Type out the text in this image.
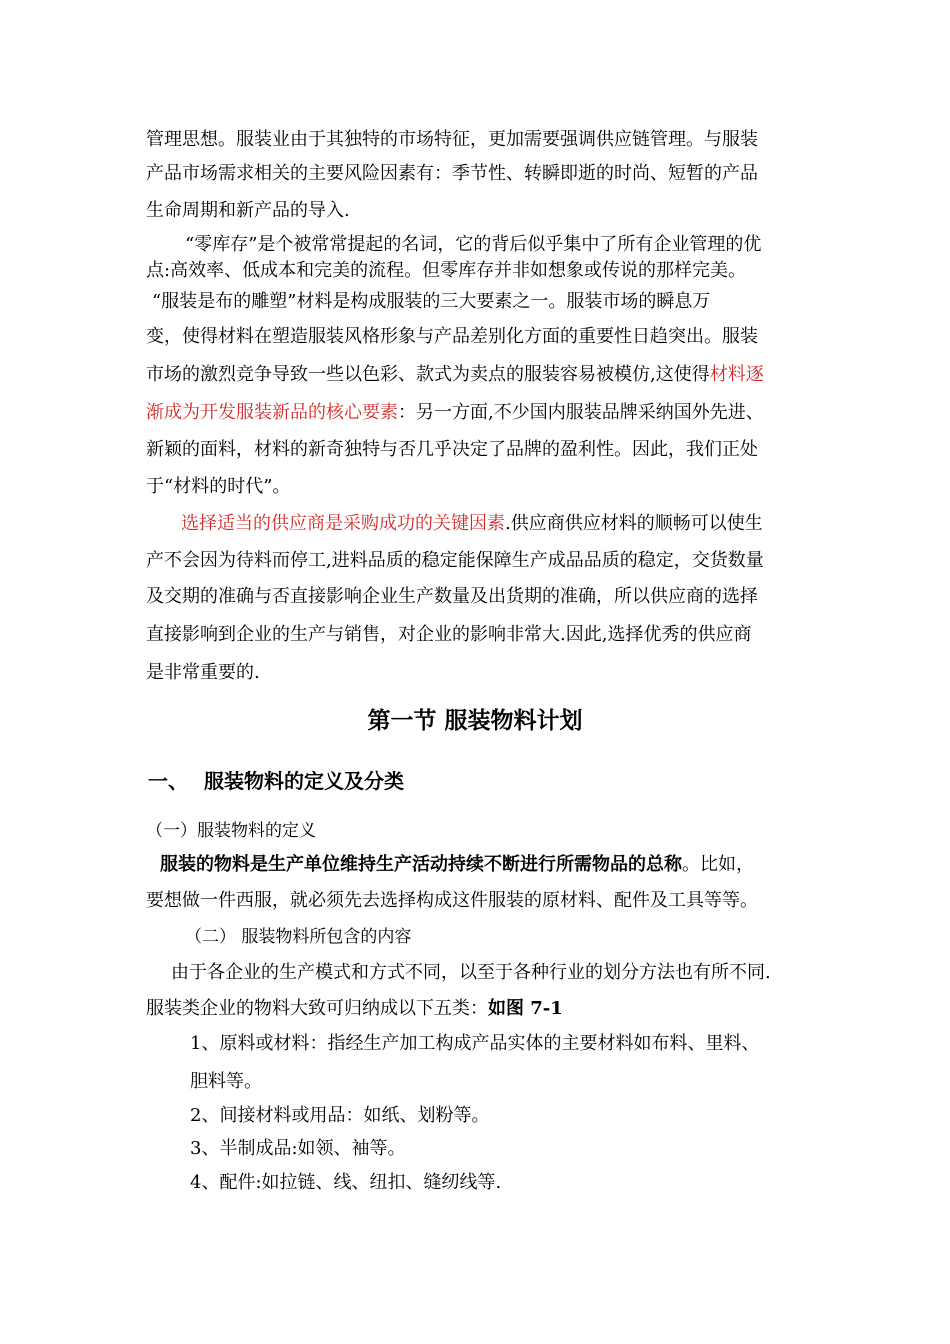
管理思想。服装业由于其独特的市场特征，更加需要强调供应链管理。与服装
产品市场需求相关的主要风险因素有：季节性、转瞬即逝的时尚、短暂的产品
生命周期和新产品的导入.
“零库存”是个被常常提起的名词，它的背后似乎集中了所有企业管理的优
点:高效率、低成本和完美的流程。但零库存并非如想象或传说的那样完美。
“服装是布的雕塑”材料是构成服装的三大要素之一。服装市场的瞬息万
变，使得材料在塑造服装风格形象与产品差别化方面的重要性日趋突出。服装
市场的激烈竞争导致一些以色彩、款式为卖点的服装容易被模仿,这使得材料逐
渐成为开发服装新品的核心要素：另一方面,不少国内服装品牌采纳国外先进、
新颖的面料，材料的新奇独特与否几乎决定了品牌的盈利性。因此，我们正处
于“材料的时代”。
选择适当的供应商是采购成功的关键因素.供应商供应材料的顺畅可以使生
产不会因为待料而停工,进料品质的稳定能保障生产成品品质的稳定，交货数量
及交期的准确与否直接影响企业生产数量及出货期的准确，所以供应商的选择
直接影响到企业的生产与销售，对企业的影响非常大.因此,选择优秀的供应商
是非常重要的.
第一节 服装物料计划
一、 服装物料的定义及分类
（一）服装物料的定义
服装的物料是生产单位维持生产活动持续不断进行所需物品的总称。比如，
要想做一件西服，就必须先去选择构成这件服装的原材料、配件及工具等等。
（二） 服装物料所包含的内容
由于各企业的生产模式和方式不同，以至于各种行业的划分方法也有所不同.
服装类企业的物料大致可归纳成以下五类：如图 7-1
1、原料或材料：指经生产加工构成产品实体的主要材料如布料、里料、
胆料等。
2、间接材料或用品：如纸、划粉等。
3、半制成品:如领、袖等。
4、配件:如拉链、线、纽扣、缝纫线等.
